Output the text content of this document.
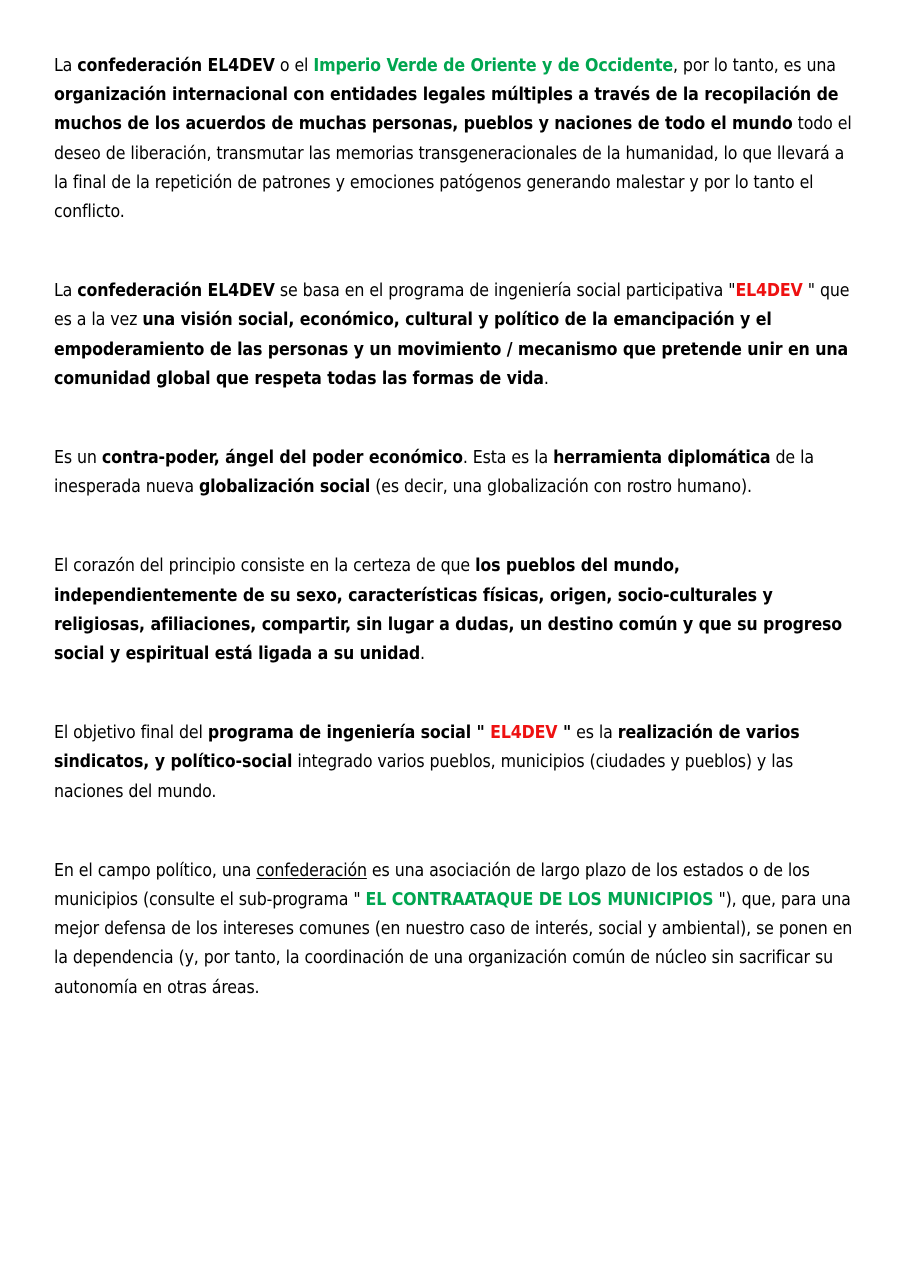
La confederación EL4DEV o el Imperio Verde de Oriente y de Occidente, por lo tanto, es una organización internacional con entidades legales múltiples a través de la recopilación de muchos de los acuerdos de muchas personas, pueblos y naciones de todo el mundo todo el deseo de liberación, transmutar las memorias transgeneracionales de la humanidad, lo que llevará a la final de la repetición de patrones y emociones patógenos generando malestar y por lo tanto el conflicto.

La confederación EL4DEV se basa en el programa de ingeniería social participativa "EL4DEV " que es a la vez una visión social, económico, cultural y político de la emancipación y el empoderamiento de las personas y un movimiento / mecanismo que pretende unir en una comunidad global que respeta todas las formas de vida.

Es un contra-poder, ángel del poder económico. Esta es la herramienta diplomática de la inesperada nueva globalización social (es decir, una globalización con rostro humano).

El corazón del principio consiste en la certeza de que los pueblos del mundo, independientemente de su sexo, características físicas, origen, socio-culturales y religiosas, afiliaciones, compartir, sin lugar a dudas, un destino común y que su progreso social y espiritual está ligada a su unidad.

El objetivo final del programa de ingeniería social " EL4DEV " es la realización de varios sindicatos, y político-social integrado varios pueblos, municipios (ciudades y pueblos) y las naciones del mundo.

En el campo político, una confederación es una asociación de largo plazo de los estados o de los municipios (consulte el sub-programa " EL CONTRAATAQUE DE LOS MUNICIPIOS "), que, para una mejor defensa de los intereses comunes (en nuestro caso de interés, social y ambiental), se ponen en la dependencia (y, por tanto, la coordinación de una organización común de núcleo sin sacrificar su autonomía en otras áreas.
